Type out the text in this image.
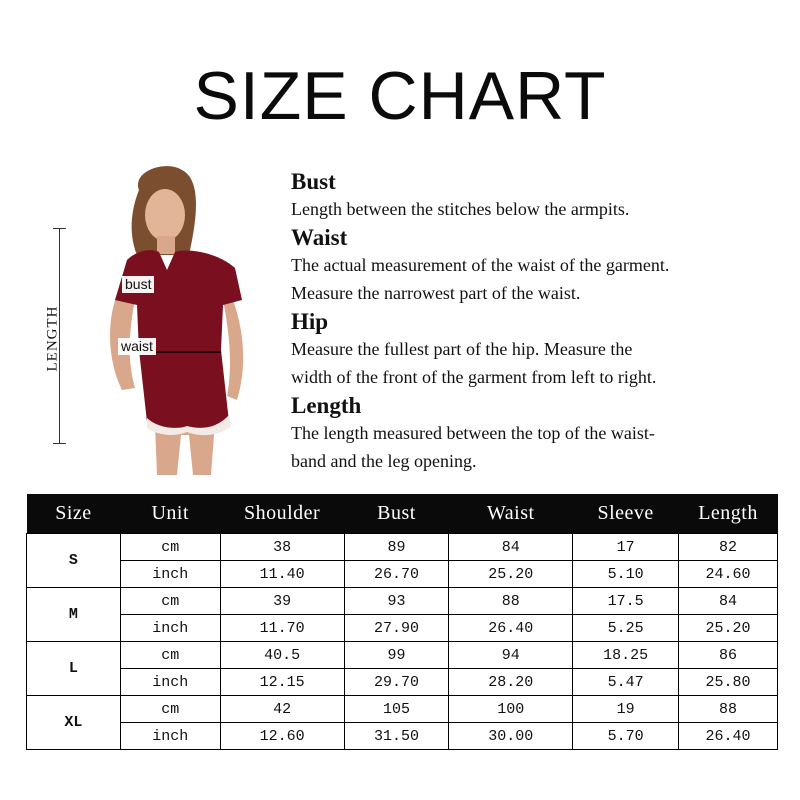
SIZE CHART
LENGTH
bust
waist

Bust

Length between the stitches below the armpits.

Waist

The actual measurement of the waist of the garment.

Measure the narrowest part of the waist.

Hip

Measure the fullest part of the hip. Measure the

width of the front of the garment from left to right.

Length

The length measured between the top of the waist-

band and the leg opening.

Size	Unit	Shoulder	Bust	Waist	Sleeve	Length

S	cm	38	89	84	17	82
	inch	11.40	26.70	25.20	5.10	24.60
M	cm	39	93	88	17.5	84
	inch	11.70	27.90	26.40	5.25	25.20
L	cm	40.5	99	94	18.25	86
	inch	12.15	29.70	28.20	5.47	25.80
XL	cm	42	105	100	19	88
	inch	12.60	31.50	30.00	5.70	26.40
